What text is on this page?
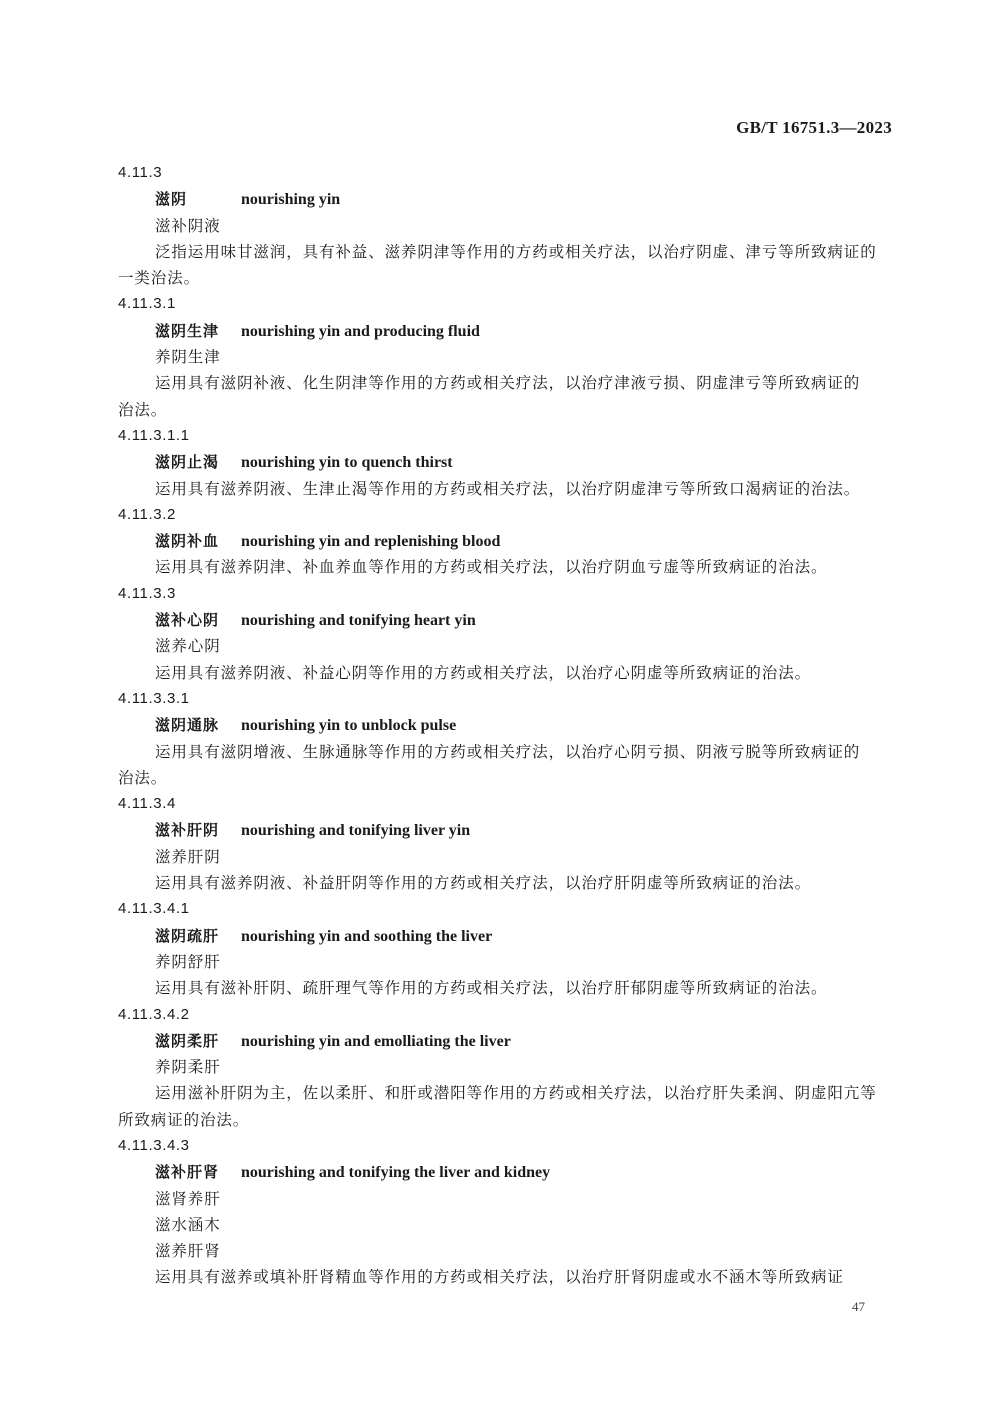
GB/T 16751.3—2023
4.11.3
滋阴	nourishing yin
滋补阴液
泛指运用味甘滋润，具有补益、滋养阴津等作用的方药或相关疗法，以治疗阴虚、津亏等所致病证的
一类治法。
4.11.3.1
滋阴生津 nourishing yin and producing fluid
养阴生津
运用具有滋阴补液、化生阴津等作用的方药或相关疗法，以治疗津液亏损、阴虚津亏等所致病证的
治法。
4.11.3.1.1
滋阴止渴 nourishing yin to quench thirst
运用具有滋养阴液、生津止渴等作用的方药或相关疗法，以治疗阴虚津亏等所致口渴病证的治法。
4.11.3.2
滋阴补血 nourishing yin and replenishing blood
运用具有滋养阴津、补血养血等作用的方药或相关疗法，以治疗阴血亏虚等所致病证的治法。
4.11.3.3
滋补心阴 nourishing and tonifying heart yin
滋养心阴
运用具有滋养阴液、补益心阴等作用的方药或相关疗法，以治疗心阴虚等所致病证的治法。
4.11.3.3.1
滋阴通脉 nourishing yin to unblock pulse
运用具有滋阴增液、生脉通脉等作用的方药或相关疗法，以治疗心阴亏损、阴液亏脱等所致病证的
治法。
4.11.3.4
滋补肝阴 nourishing and tonifying liver yin
滋养肝阴
运用具有滋养阴液、补益肝阴等作用的方药或相关疗法，以治疗肝阴虚等所致病证的治法。
4.11.3.4.1
滋阴疏肝 nourishing yin and soothing the liver
养阴舒肝
运用具有滋补肝阴、疏肝理气等作用的方药或相关疗法，以治疗肝郁阴虚等所致病证的治法。
4.11.3.4.2
滋阴柔肝 nourishing yin and emolliating the liver
养阴柔肝
运用滋补肝阴为主，佐以柔肝、和肝或潜阳等作用的方药或相关疗法，以治疗肝失柔润、阴虚阳亢等
所致病证的治法。
4.11.3.4.3
滋补肝肾 nourishing and tonifying the liver and kidney
滋肾养肝
滋水涵木
滋养肝肾
运用具有滋养或填补肝肾精血等作用的方药或相关疗法，以治疗肝肾阴虚或水不涵木等所致病证
47
